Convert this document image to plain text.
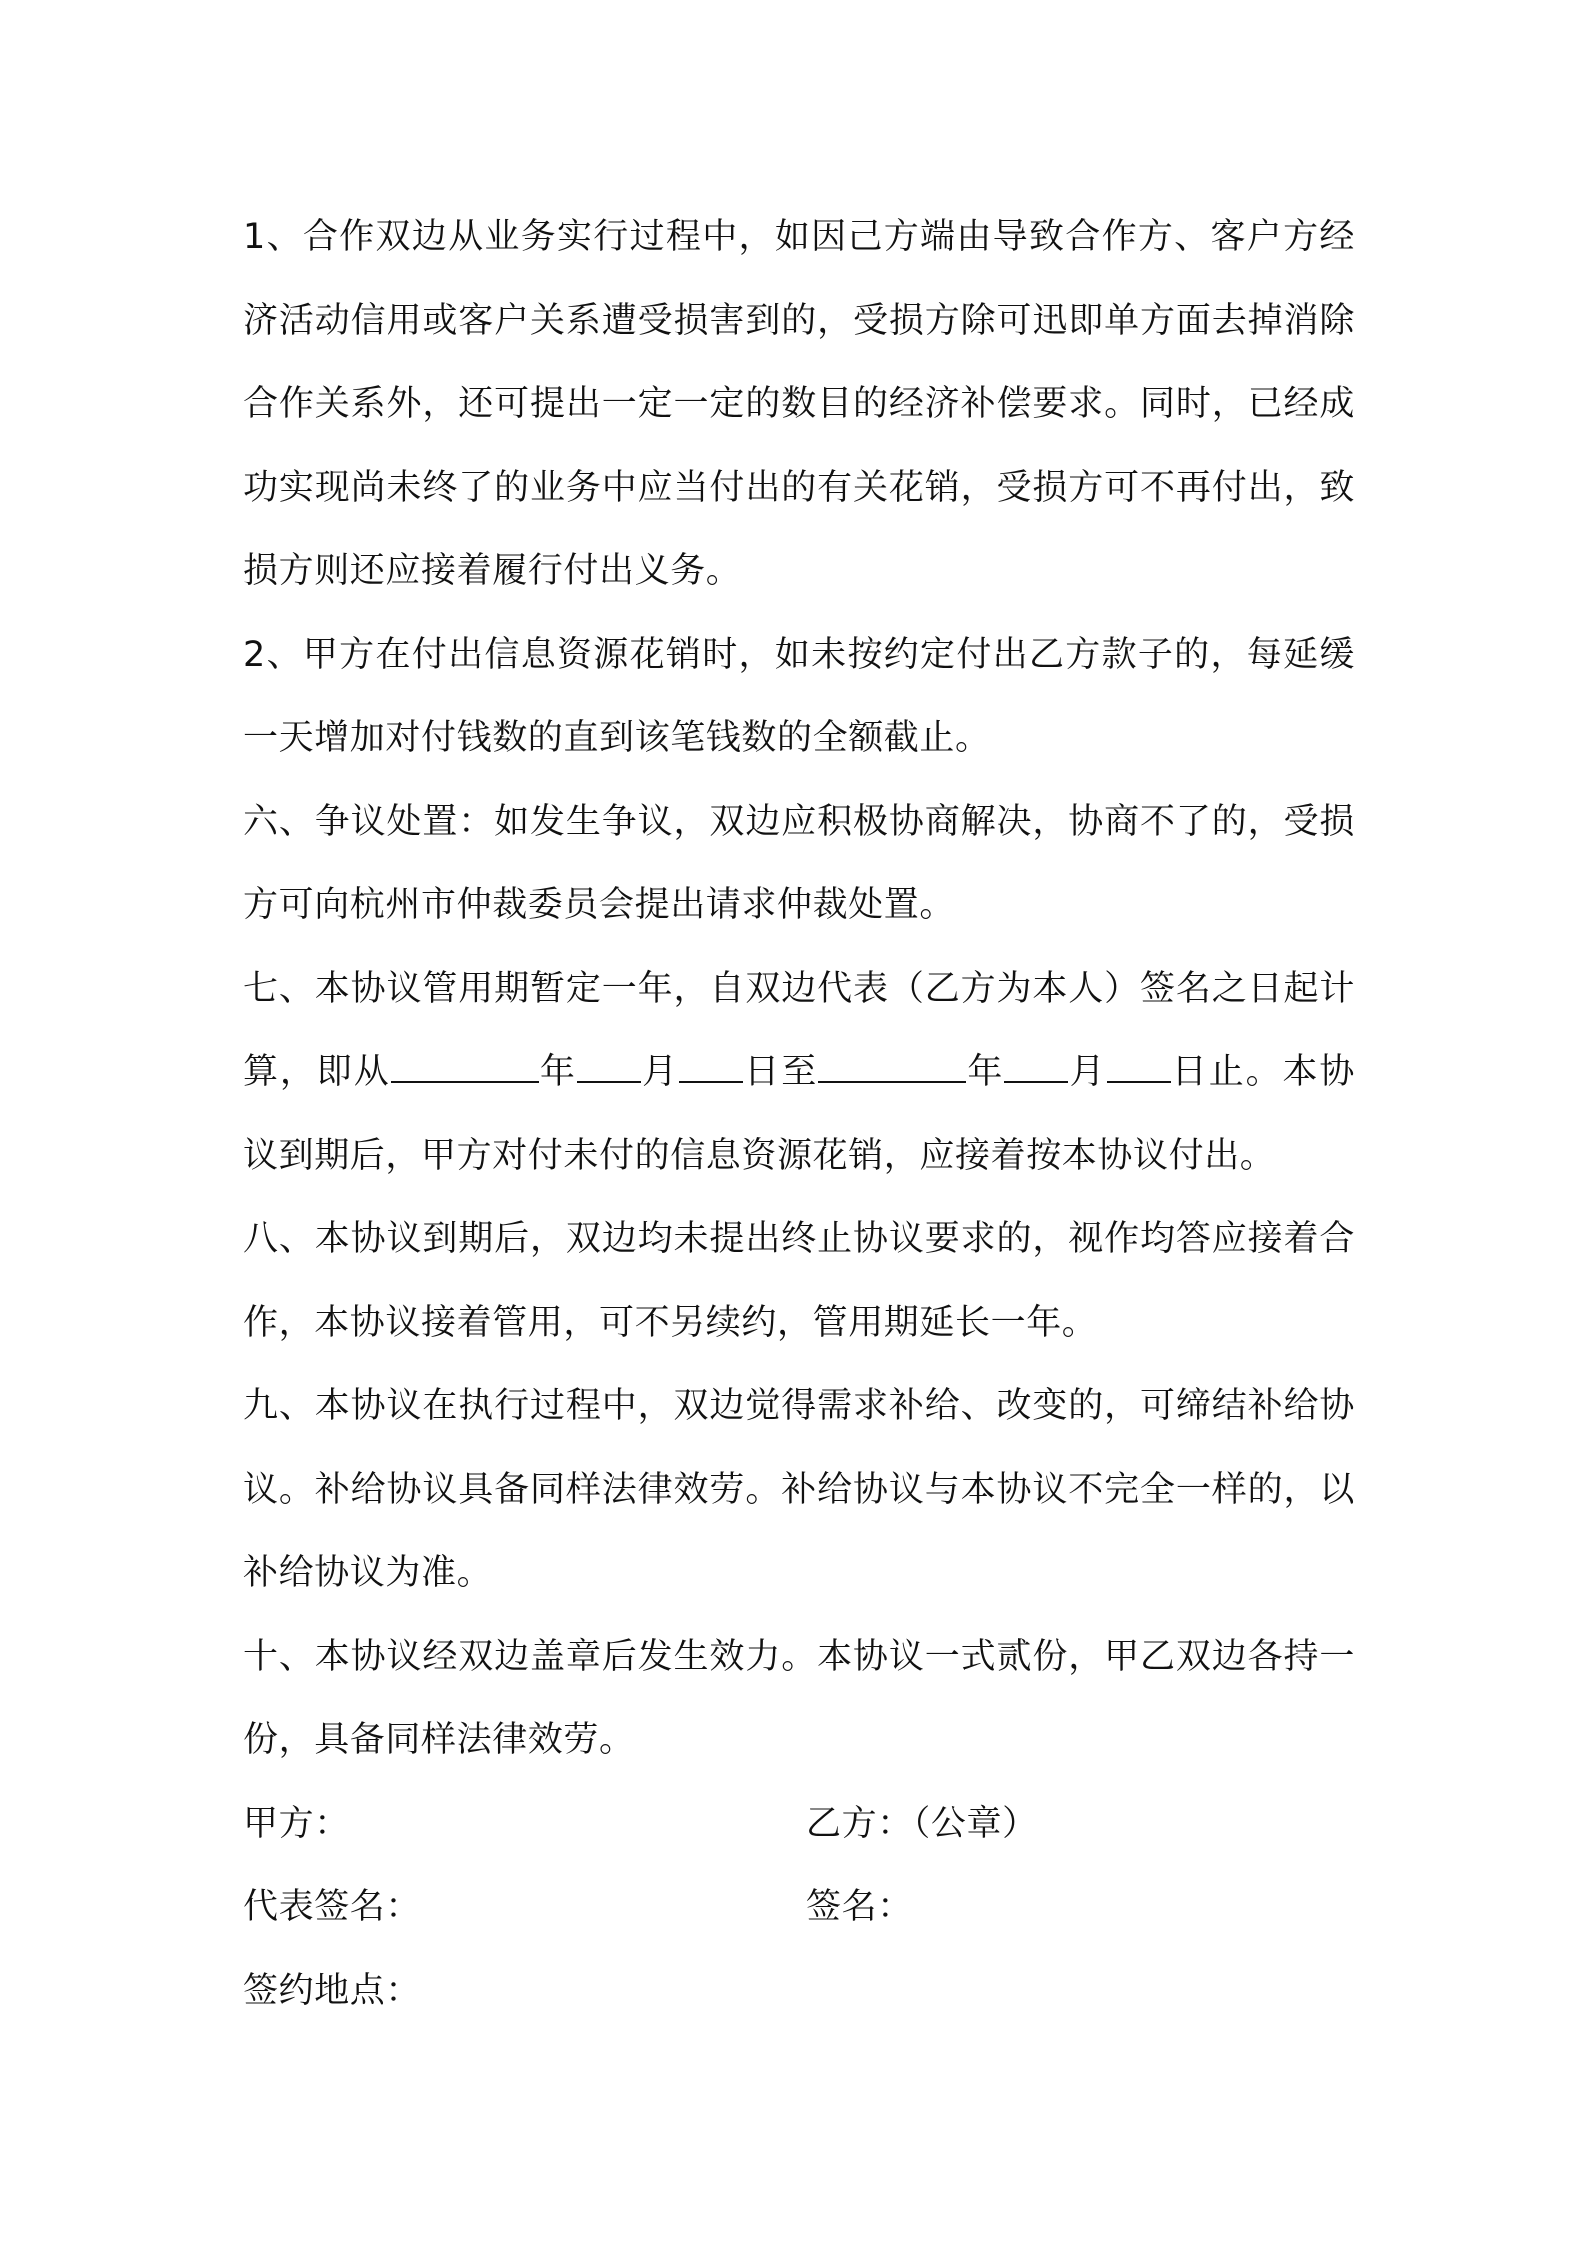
1、合作双边从业务实行过程中，如因己方端由导致合作方、客户方经济活动信用或客户关系遭受损害到的，受损方除可迅即单方面去掉消除合作关系外，还可提出一定一定的数目的经济补偿要求。同时，已经成功实现尚未终了的业务中应当付出的有关花销，受损方可不再付出，致损方则还应接着履行付出义务。

2、甲方在付出信息资源花销时，如未按约定付出乙方款子的，每延缓一天增加对付钱数的直到该笔钱数的全额截止。

六、争议处置：如发生争议，双边应积极协商解决，协商不了的，受损方可向杭州市仲裁委员会提出请求仲裁处置。

七、本协议管用期暂定一年，自双边代表（乙方为本人）签名之日起计算，即从	年 月 日至	年 月 日止。本协议到期后，甲方对付未付的信息资源花销，应接着按本协议付出。

八、本协议到期后，双边均未提出终止协议要求的，视作均答应接着合作，本协议接着管用，可不另续约，管用期延长一年。

九、本协议在执行过程中，双边觉得需求补给、改变的，可缔结补给协议。补给协议具备同样法律效劳。补给协议与本协议不完全一样的，以补给协议为准。

十、本协议经双边盖章后发生效力。本协议一式贰份，甲乙双边各持一份，具备同样法律效劳。

甲方：	乙方：（公章）
代表签名：	签名：
签约地点：
